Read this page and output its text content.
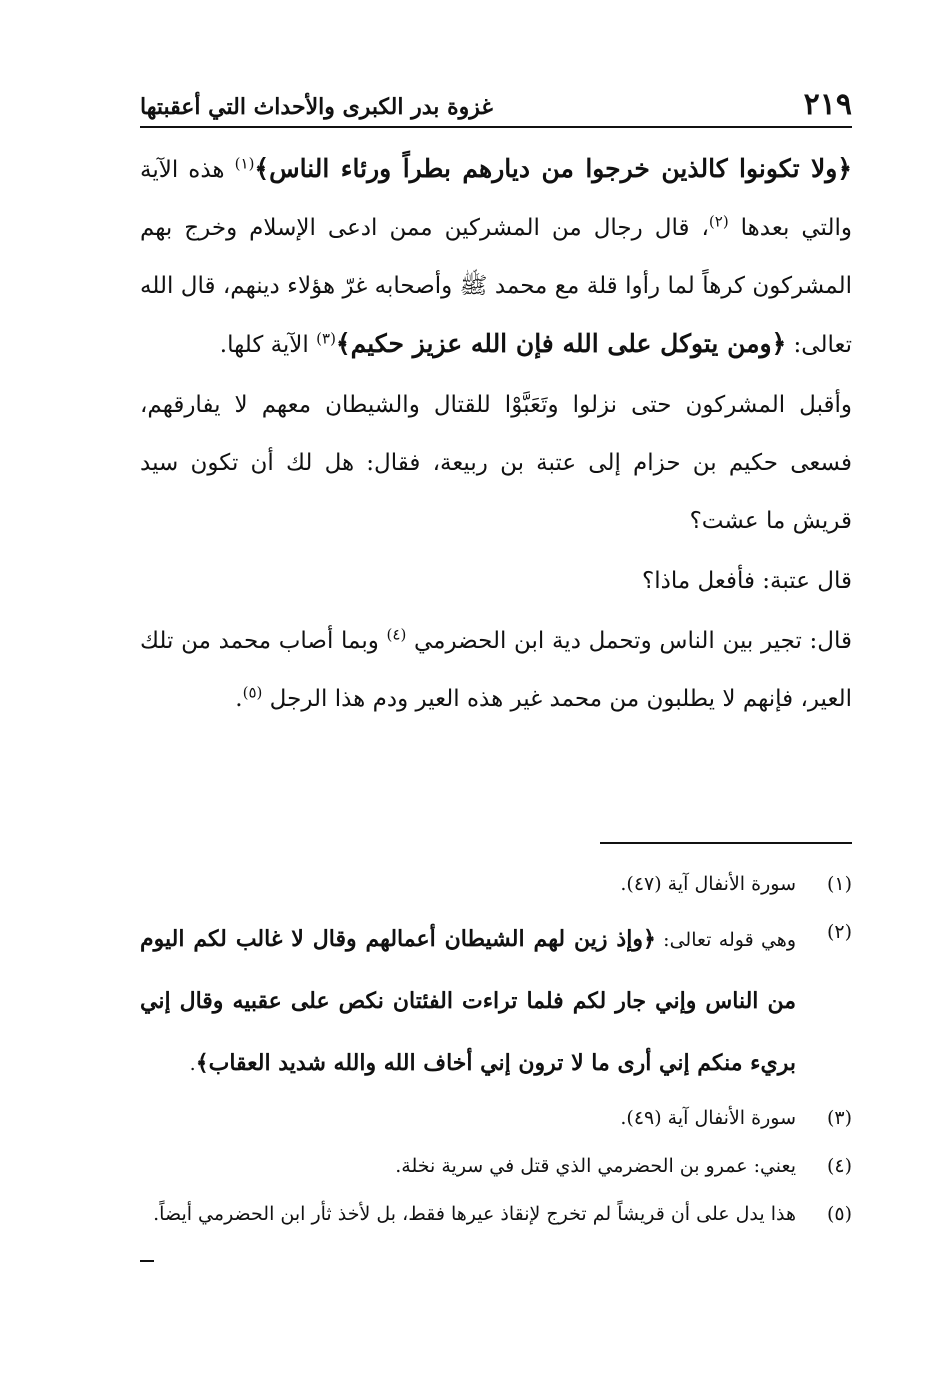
٢١٩
غزوة بدر الكبرى والأحداث التي أعقبتها

﴿ولا تكونوا كالذين خرجوا من ديارهم بطراً ورئاء الناس﴾$^{(١)}$ هذه الآية والتي بعدها $^{(٢)}$، قال رجال من المشركين ممن ادعى الإسلام وخرج بهم المشركون كرهاً لما رأوا قلة مع محمد ﷺ وأصحابه غرّ هؤلاء دينهم، قال الله تعالى: ﴿ومن يتوكل على الله فإن الله عزيز حكيم﴾$^{(٣)}$ الآية كلها.

وأقبل المشركون حتى نزلوا وتَعَبَّوْا للقتال والشيطان معهم لا يفارقهم، فسعى حكيم بن حزام إلى عتبة بن ربيعة، فقال: هل لك أن تكون سيد قريش ما عشت؟

قال عتبة: فأفعل ماذا؟

قال: تجير بين الناس وتحمل دية ابن الحضرمي $^{(٤)}$ وبما أصاب محمد من تلك العير، فإنهم لا يطلبون من محمد غير هذه العير ودم هذا الرجل $^{(٥)}$.

(١)
سورة الأنفال آية (٤٧).

(٢)
وهي قوله تعالى: ﴿وإذ زين لهم الشيطان أعمالهم وقال لا غالب لكم اليوم من الناس وإني جار لكم فلما تراءت الفئتان نكص على عقبيه وقال إني بريء منكم إني أرى ما لا ترون إني أخاف الله والله شديد العقاب﴾.

(٣)
سورة الأنفال آية (٤٩).

(٤)
يعني: عمرو بن الحضرمي الذي قتل في سرية نخلة.

(٥)
هذا يدل على أن قريشاً لم تخرج لإنقاذ عيرها فقط، بل لأخذ ثأر ابن الحضرمي أيضاً.
